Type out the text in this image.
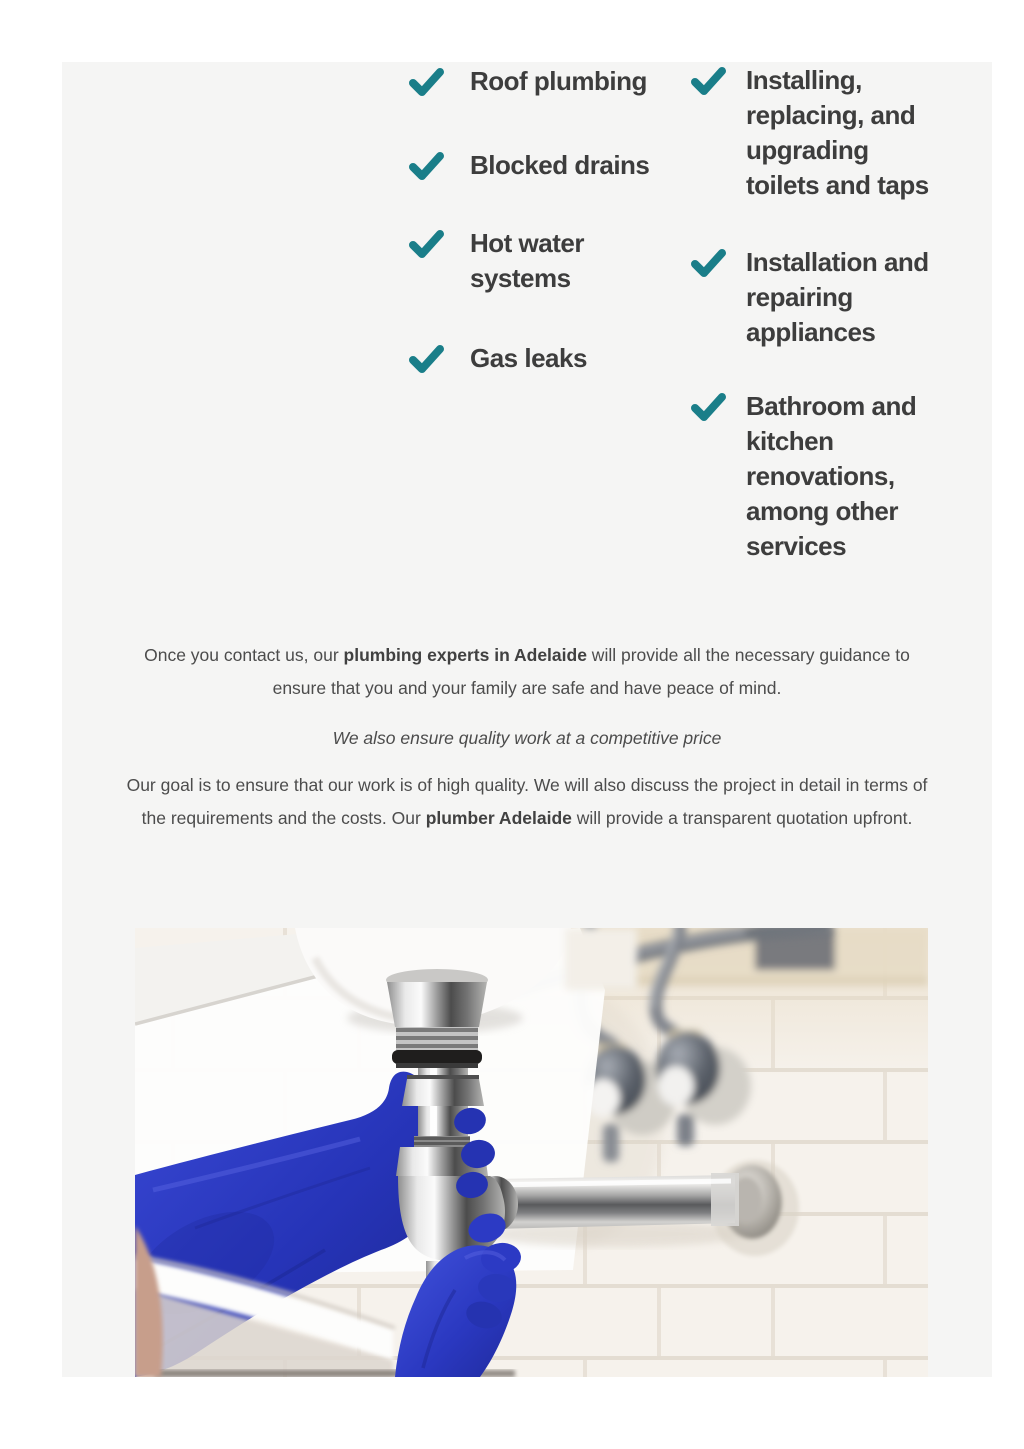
Roof plumbing
Blocked drains
Hot water
systems
Gas leaks
Installing,
replacing, and
upgrading
toilets and taps
Installation and
repairing
appliances
Bathroom and
kitchen
renovations,
among other
services

Once you contact us, our plumbing experts in Adelaide will provide all the necessary guidance to ensure that you and your family are safe and have peace of mind.

We also ensure quality work at a competitive price

Our goal is to ensure that our work is of high quality. We will also discuss the project in detail in terms of the requirements and the costs. Our plumber Adelaide will provide a transparent quotation upfront.
